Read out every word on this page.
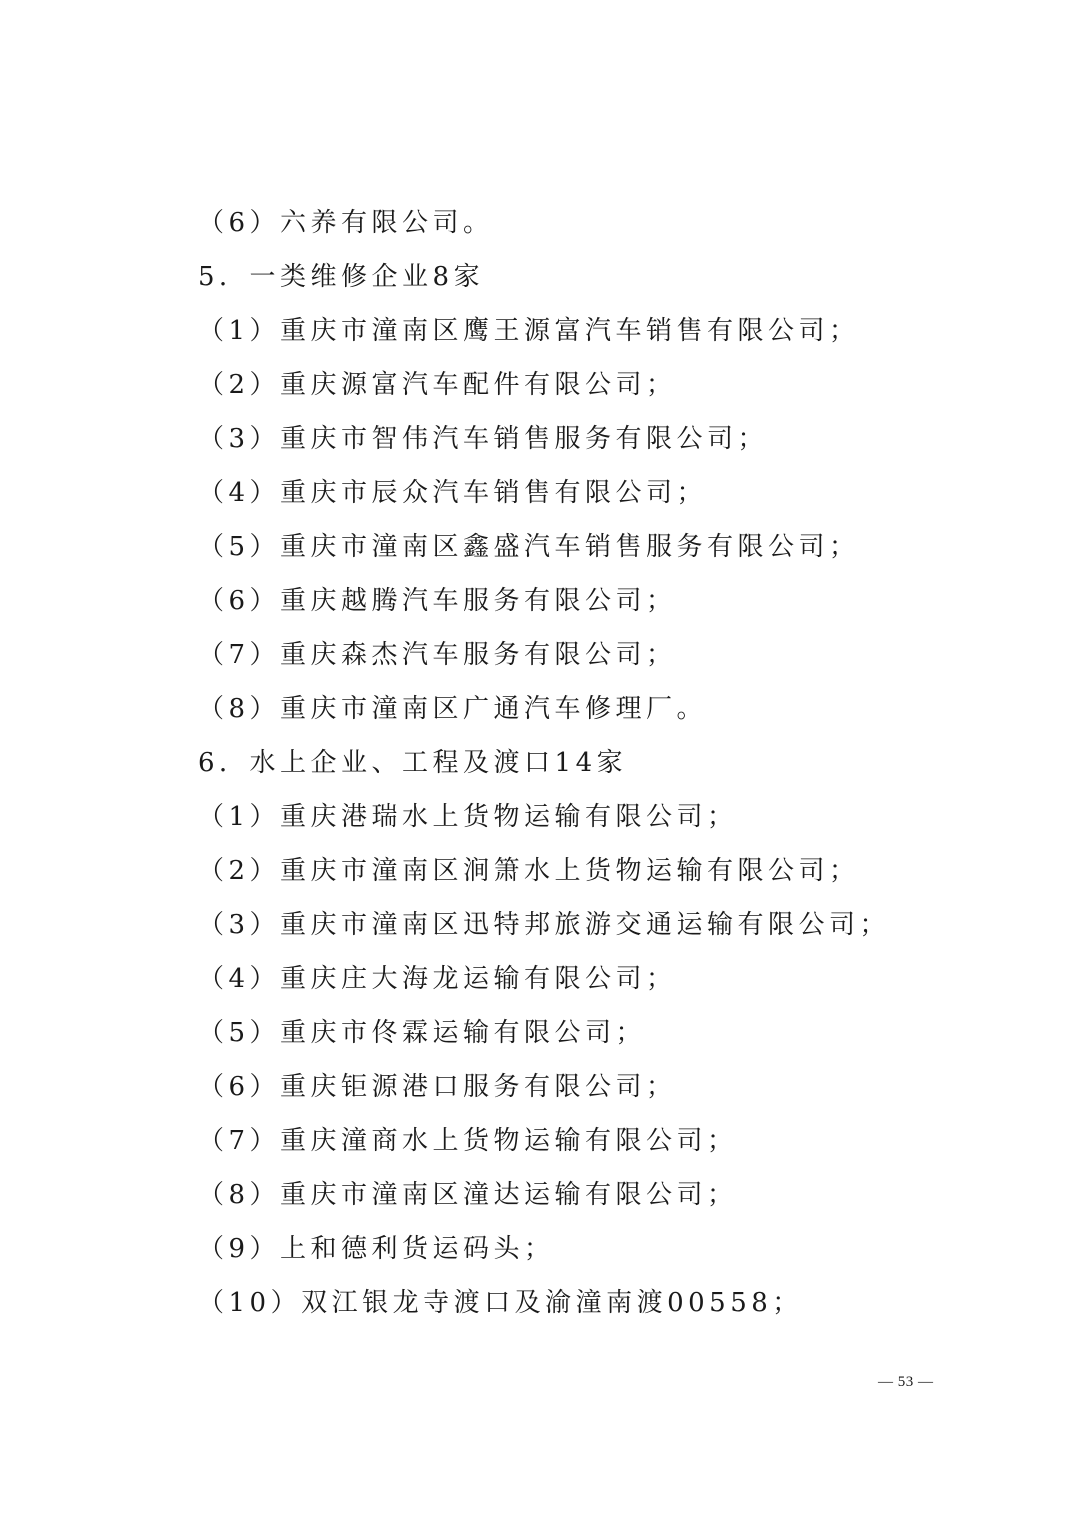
（6）六养有限公司。
5．一类维修企业8家
（1）重庆市潼南区鹰王源富汽车销售有限公司；
（2）重庆源富汽车配件有限公司；
（3）重庆市智伟汽车销售服务有限公司；
（4）重庆市辰众汽车销售有限公司；
（5）重庆市潼南区鑫盛汽车销售服务有限公司；
（6）重庆越腾汽车服务有限公司；
（7）重庆森杰汽车服务有限公司；
（8）重庆市潼南区广通汽车修理厂。
6．水上企业、工程及渡口14家
（1）重庆港瑞水上货物运输有限公司；
（2）重庆市潼南区涧箫水上货物运输有限公司；
（3）重庆市潼南区迅特邦旅游交通运输有限公司；
（4）重庆庄大海龙运输有限公司；
（5）重庆市佟霖运输有限公司；
（6）重庆钜源港口服务有限公司；
（7）重庆潼商水上货物运输有限公司；
（8）重庆市潼南区潼达运输有限公司；
（9）上和德利货运码头；
（10）双江银龙寺渡口及渝潼南渡00558；
— 53 —
